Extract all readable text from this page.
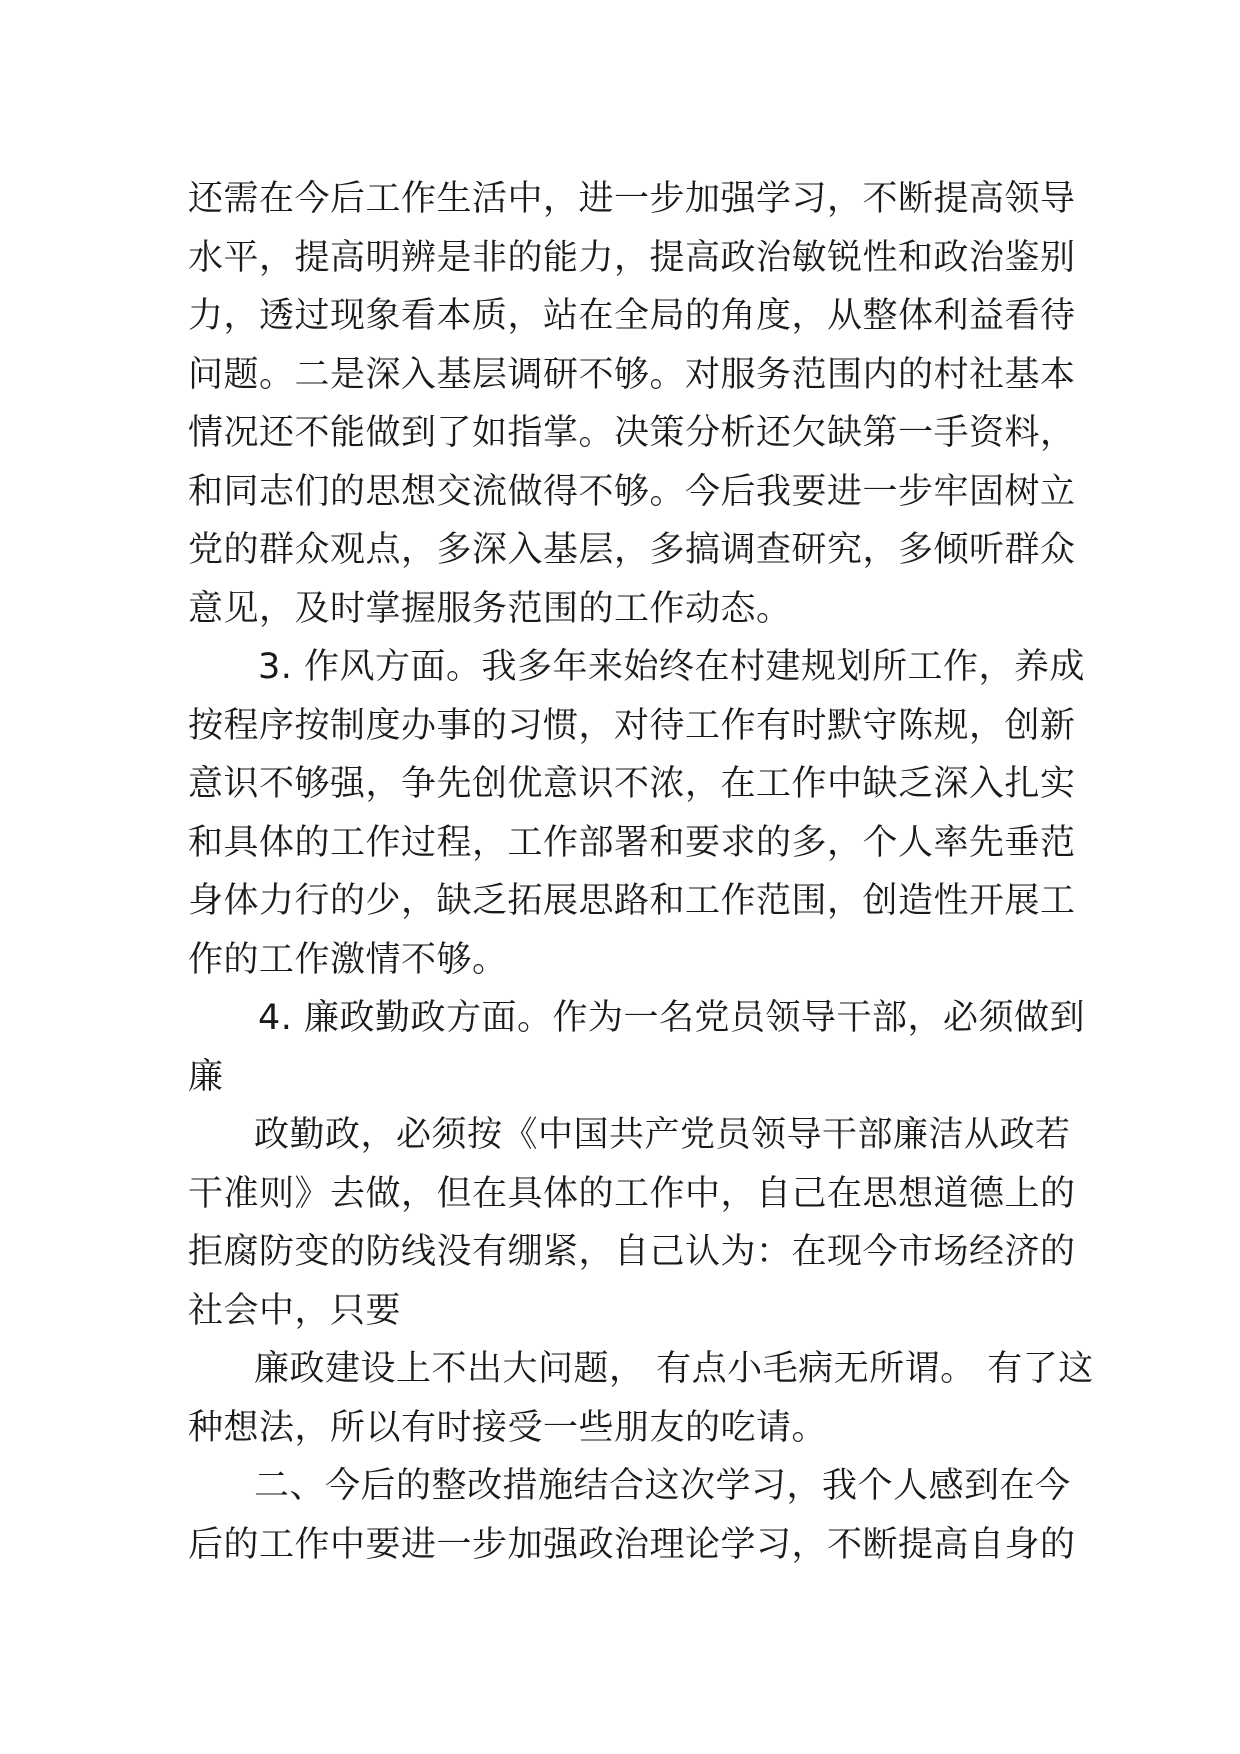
还需在今后工作生活中，进一步加强学习，不断提高领导
水平，提高明辨是非的能力，提高政治敏锐性和政治鉴别
力，透过现象看本质，站在全局的角度，从整体利益看待
问题。二是深入基层调研不够。对服务范围内的村社基本
情况还不能做到了如指掌。决策分析还欠缺第一手资料，
和同志们的思想交流做得不够。今后我要进一步牢固树立
党的群众观点，多深入基层，多搞调查研究，多倾听群众
意见，及时掌握服务范围的工作动态。
3. 作风方面。我多年来始终在村建规划所工作，养成
按程序按制度办事的习惯，对待工作有时默守陈规，创新
意识不够强，争先创优意识不浓，在工作中缺乏深入扎实
和具体的工作过程，工作部署和要求的多，个人率先垂范
身体力行的少，缺乏拓展思路和工作范围，创造性开展工
作的工作激情不够。
4. 廉政勤政方面。作为一名党员领导干部，必须做到
廉
政勤政，必须按《中国共产党员领导干部廉洁从政若
干准则》去做，但在具体的工作中，自己在思想道德上的
拒腐防变的防线没有绷紧，自己认为：在现今市场经济的
社会中，只要
廉政建设上不出大问题， 有点小毛病无所谓。 有了这
种想法，所以有时接受一些朋友的吃请。
二、今后的整改措施结合这次学习，我个人感到在今
后的工作中要进一步加强政治理论学习，不断提高自身的
